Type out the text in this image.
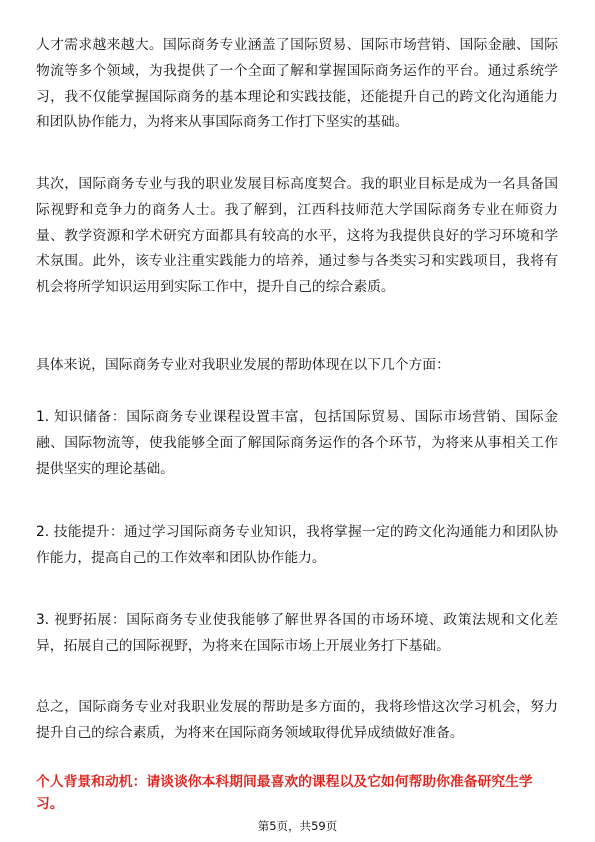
人才需求越来越大。国际商务专业涵盖了国际贸易、国际市场营销、国际金融、国际物流等多个领域，为我提供了一个全面了解和掌握国际商务运作的平台。通过系统学习，我不仅能掌握国际商务的基本理论和实践技能，还能提升自己的跨文化沟通能力和团队协作能力，为将来从事国际商务工作打下坚实的基础。

其次，国际商务专业与我的职业发展目标高度契合。我的职业目标是成为一名具备国际视野和竞争力的商务人士。我了解到，江西科技师范大学国际商务专业在师资力量、教学资源和学术研究方面都具有较高的水平，这将为我提供良好的学习环境和学术氛围。此外，该专业注重实践能力的培养，通过参与各类实习和实践项目，我将有机会将所学知识运用到实际工作中，提升自己的综合素质。

具体来说，国际商务专业对我职业发展的帮助体现在以下几个方面：

1. 知识储备：国际商务专业课程设置丰富，包括国际贸易、国际市场营销、国际金融、国际物流等，使我能够全面了解国际商务运作的各个环节，为将来从事相关工作提供坚实的理论基础。

2. 技能提升：通过学习国际商务专业知识，我将掌握一定的跨文化沟通能力和团队协作能力，提高自己的工作效率和团队协作能力。

3. 视野拓展：国际商务专业使我能够了解世界各国的市场环境、政策法规和文化差异，拓展自己的国际视野，为将来在国际市场上开展业务打下基础。

总之，国际商务专业对我职业发展的帮助是多方面的，我将珍惜这次学习机会，努力提升自己的综合素质，为将来在国际商务领域取得优异成绩做好准备。

个人背景和动机：请谈谈你本科期间最喜欢的课程以及它如何帮助你准备研究生学习。

第5页，共59页
